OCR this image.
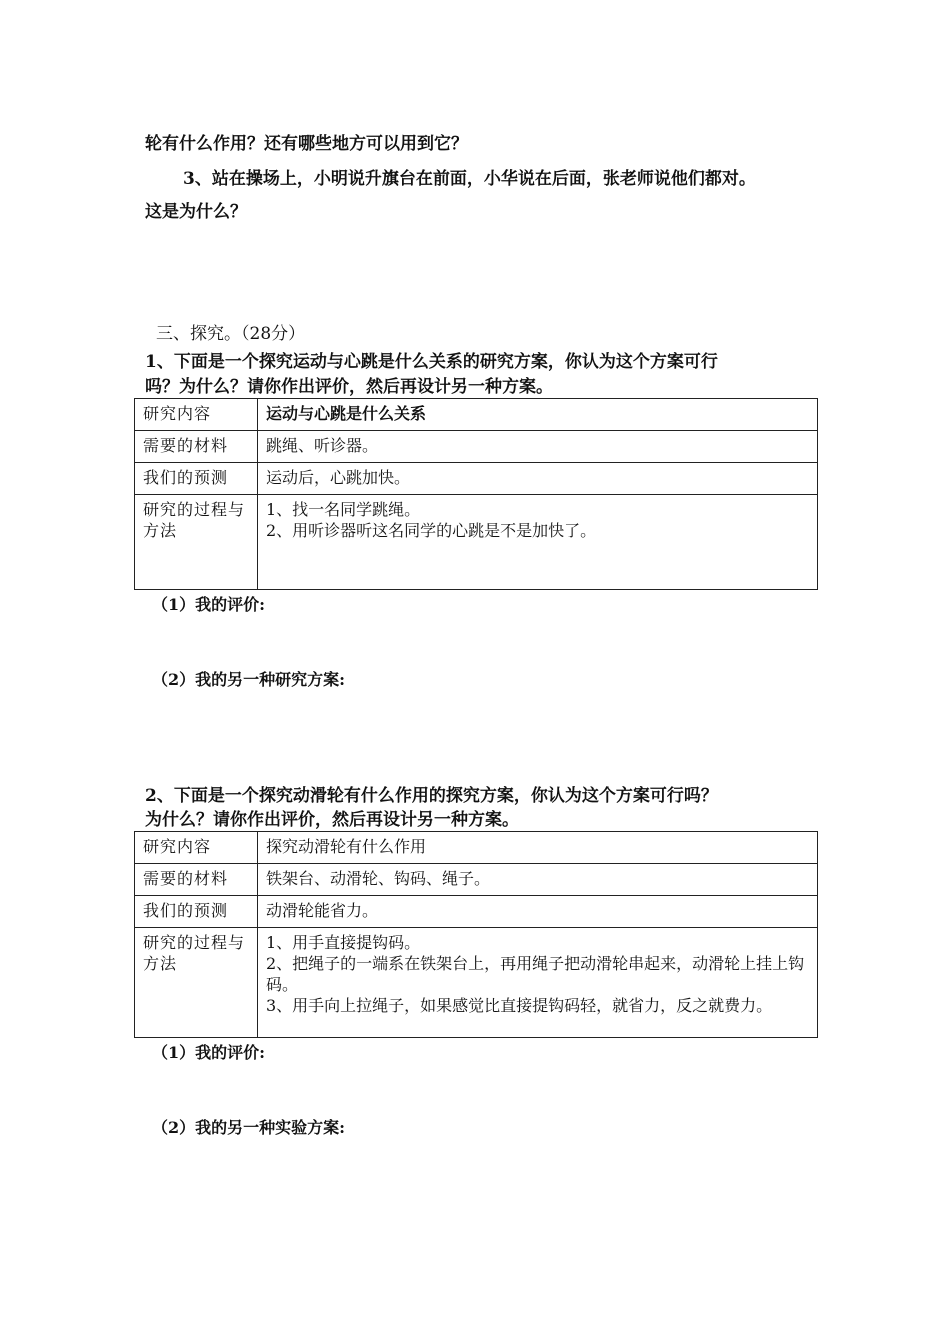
轮有什么作用？还有哪些地方可以用到它？
3、站在操场上，小明说升旗台在前面，小华说在后面，张老师说他们都对。
这是为什么？
三、探究。（28分）
1、下面是一个探究运动与心跳是什么关系的研究方案，你认为这个方案可行
吗？为什么？请你作出评价，然后再设计另一种方案。
研究内容	运动与心跳是什么关系

需要的材料	跳绳、听诊器。

我们的预测	运动后，心跳加快。

研究的过程与方法	1、找一名同学跳绳。
2、用听诊器听这名同学的心跳是不是加快了。
（1）我的评价:
（2）我的另一种研究方案:
2、下面是一个探究动滑轮有什么作用的探究方案，你认为这个方案可行吗？
为什么？请你作出评价，然后再设计另一种方案。
研究内容	探究动滑轮有什么作用

需要的材料	铁架台、动滑轮、钩码、绳子。

我们的预测	动滑轮能省力。

研究的过程与方法	1、用手直接提钩码。
2、把绳子的一端系在铁架台上，再用绳子把动滑轮串起来，动滑轮上挂上钩码。
3、用手向上拉绳子，如果感觉比直接提钩码轻，就省力，反之就费力。
（1）我的评价:
（2）我的另一种实验方案:
